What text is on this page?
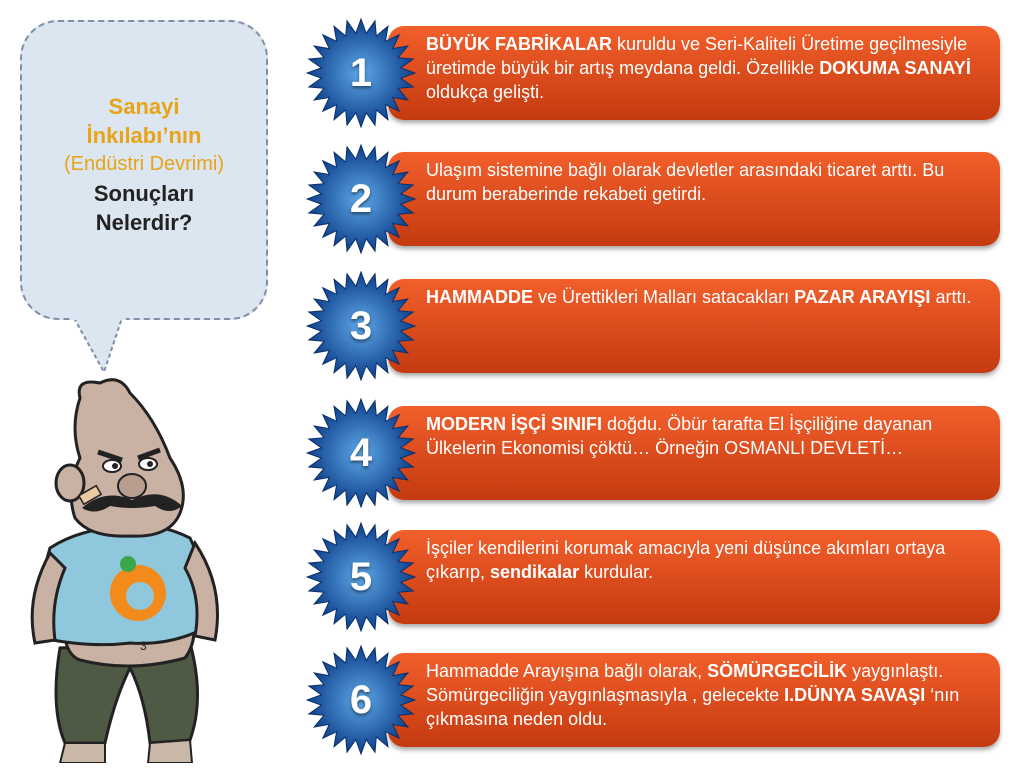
Sanayi
İnkılabı’nın
(Endüstri Devrimi)
Sonuçları
Nelerdir?
BÜYÜK FABRİKALAR kuruldu ve Seri-Kaliteli Üretime geçilmesiyle üretimde büyük bir artış meydana geldi. Özellikle DOKUMA SANAYİ oldukça gelişti.
1
Ulaşım sistemine bağlı olarak devletler arasındaki ticaret arttı. Bu durum beraberinde rekabeti getirdi.
2
HAMMADDE ve Ürettikleri Malları satacakları PAZAR ARAYIŞI arttı.
3
MODERN İŞÇİ SINIFI doğdu. Öbür tarafta El İşçiliğine dayanan Ülkelerin Ekonomisi çöktü… Örneğin OSMANLI DEVLETİ…
4
İşçiler kendilerini korumak amacıyla yeni düşünce akımları ortaya çıkarıp, sendikalar kurdular.
5
Hammadde Arayışına bağlı olarak, SÖMÜRGECİLİK yaygınlaştı. Sömürgeciliğin yaygınlaşmasıyla , gelecekte I.DÜNYA SAVAŞI ‘nın çıkmasına neden oldu.
6
3
